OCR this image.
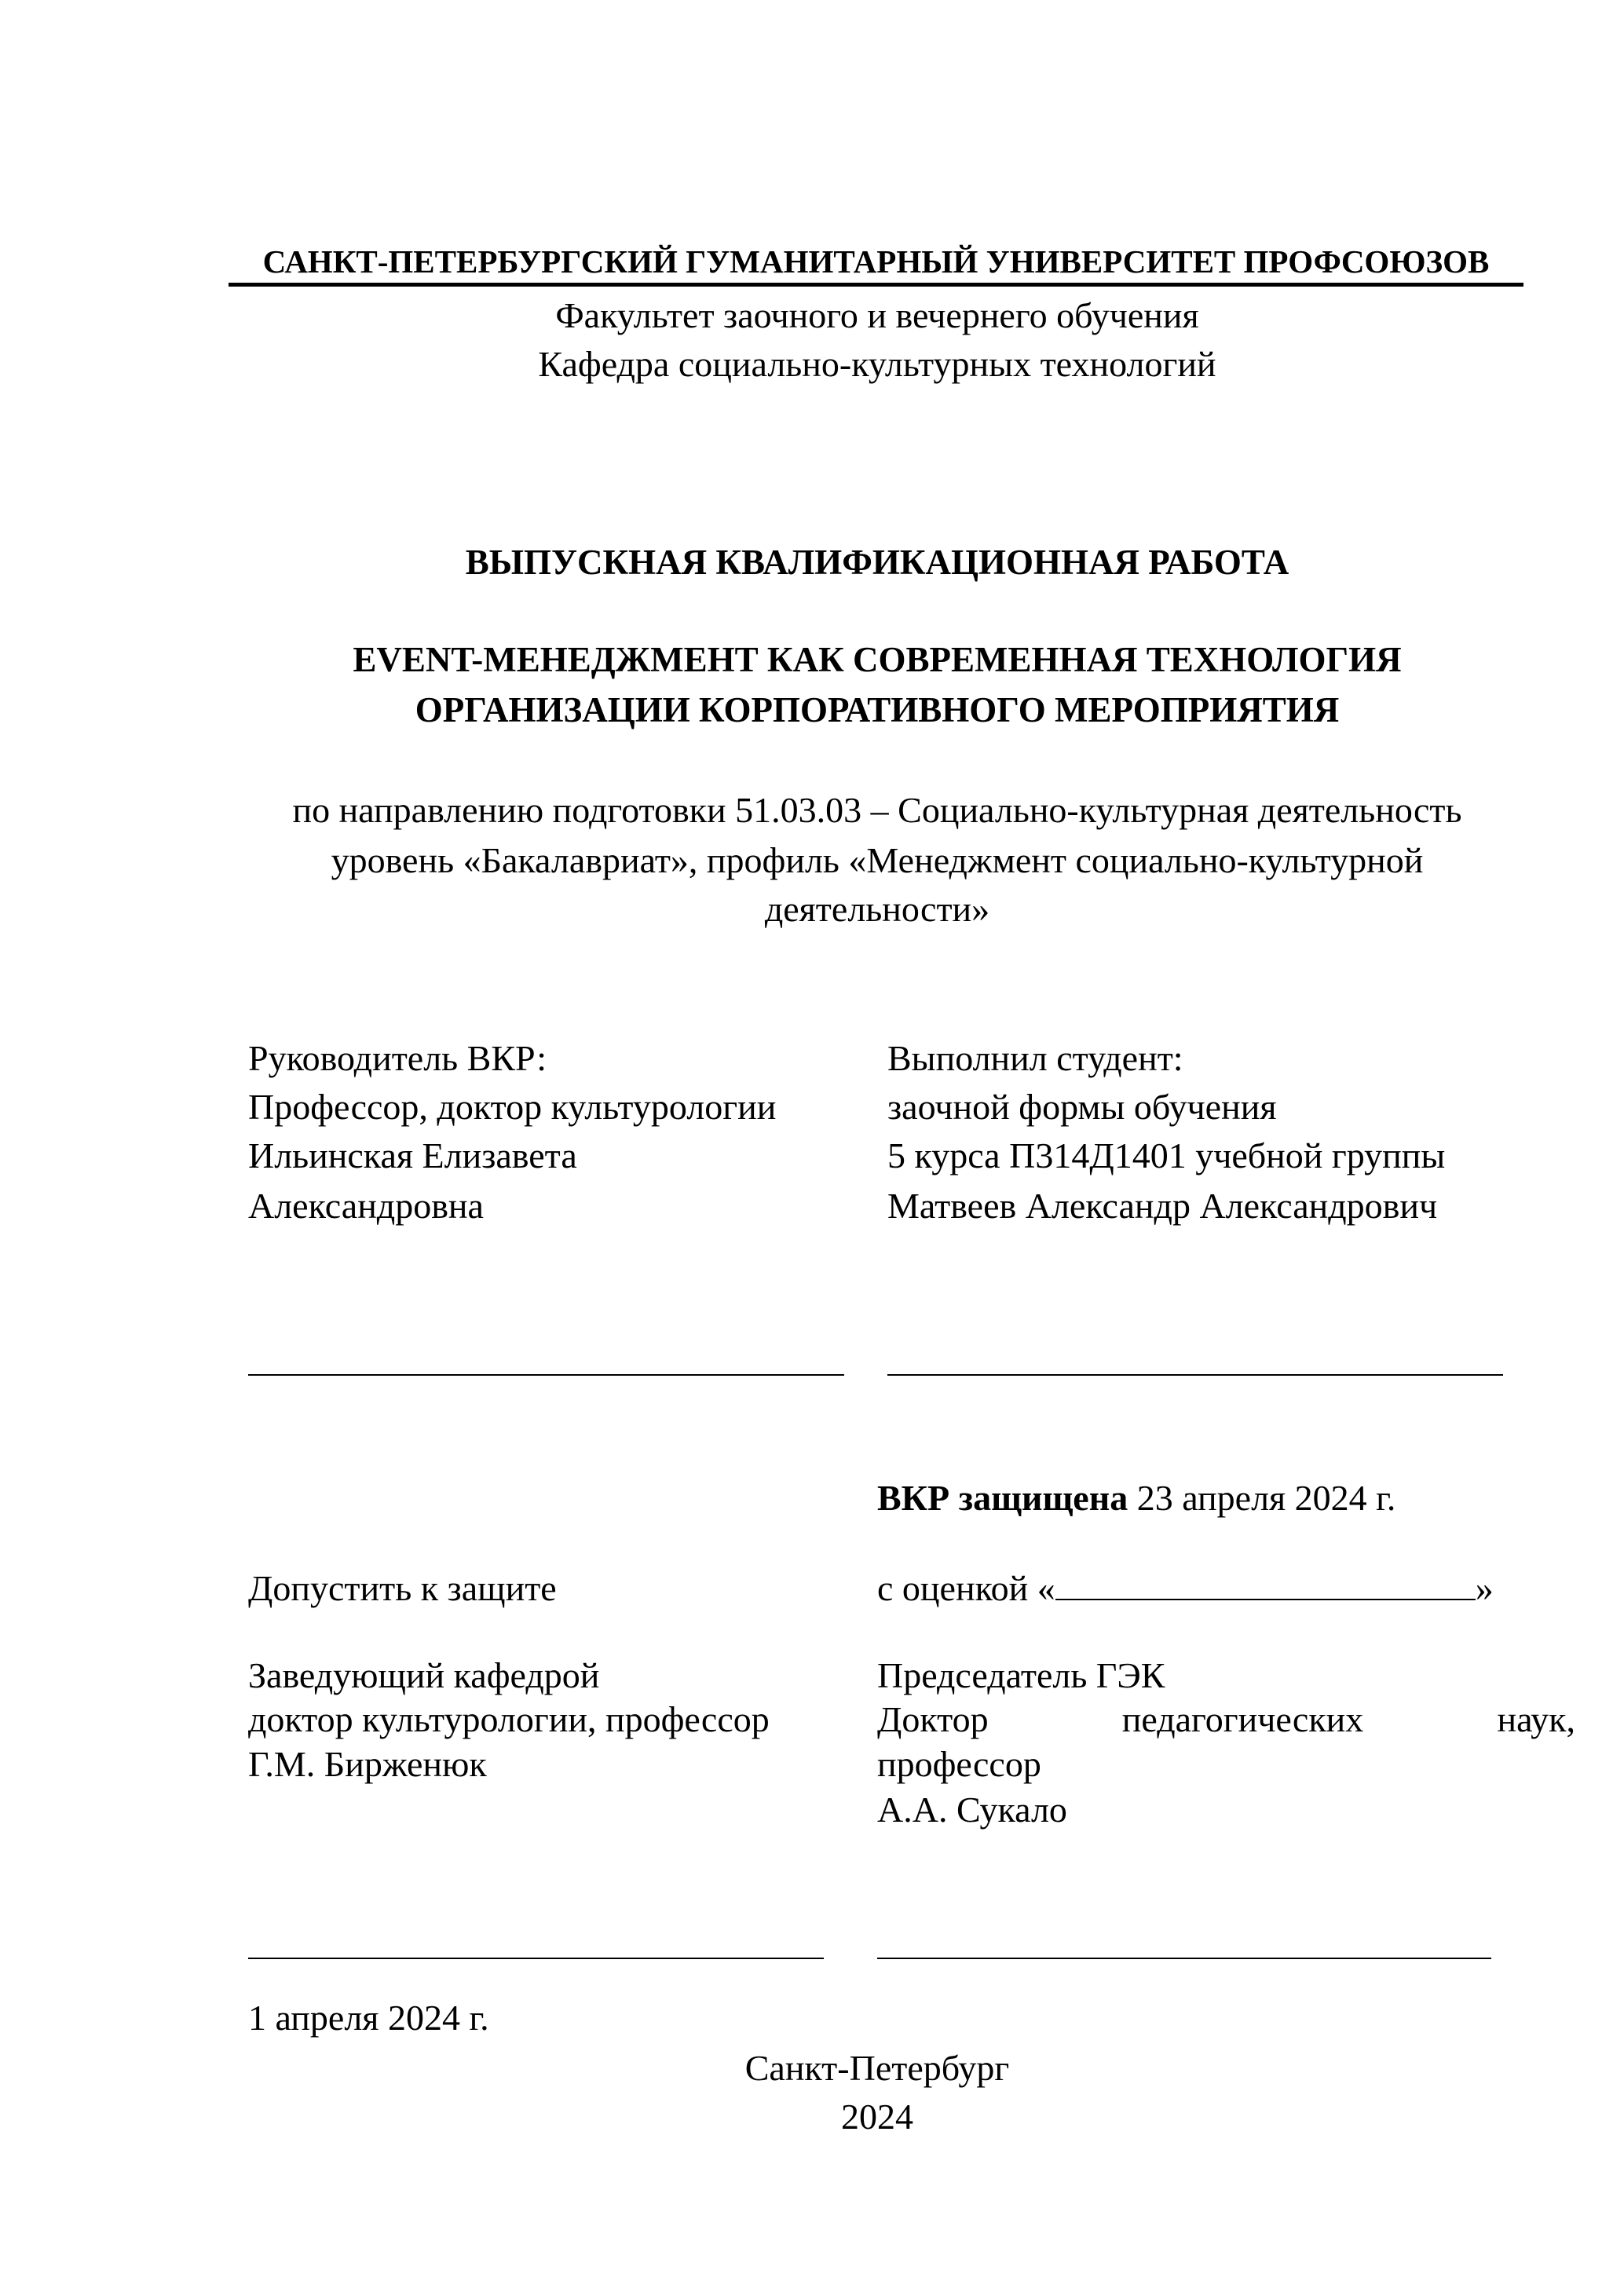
САНКТ-ПЕТЕРБУРГСКИЙ ГУМАНИТАРНЫЙ УНИВЕРСИТЕТ ПРОФСОЮЗОВ
Факультет заочного и вечернего обучения
Кафедра социально-культурных технологий
ВЫПУСКНАЯ КВАЛИФИКАЦИОННАЯ РАБОТА
EVENT-МЕНЕДЖМЕНТ КАК СОВРЕМЕННАЯ ТЕХНОЛОГИЯ
ОРГАНИЗАЦИИ КОРПОРАТИВНОГО МЕРОПРИЯТИЯ
по направлению подготовки 51.03.03 – Социально-культурная деятельность
уровень «Бакалавриат», профиль «Менеджмент социально-культурной
деятельности»
Руководитель ВКР:
Профессор, доктор культурологии
Ильинская Елизавета
Александровна
Выполнил студент:
заочной формы обучения
5 курса П314Д1401 учебной группы
Матвеев Александр Александрович
ВКР защищена 23 апреля 2024 г.
Допустить к защите	с оценкой «	»
Заведующий кафедрой
доктор культурологии, профессор
Г.М. Бирженюк
Председатель ГЭК
Доктор	педагогических	наук,
профессор
А.А. Сукало
1 апреля 2024 г.
Санкт-Петербург
2024
